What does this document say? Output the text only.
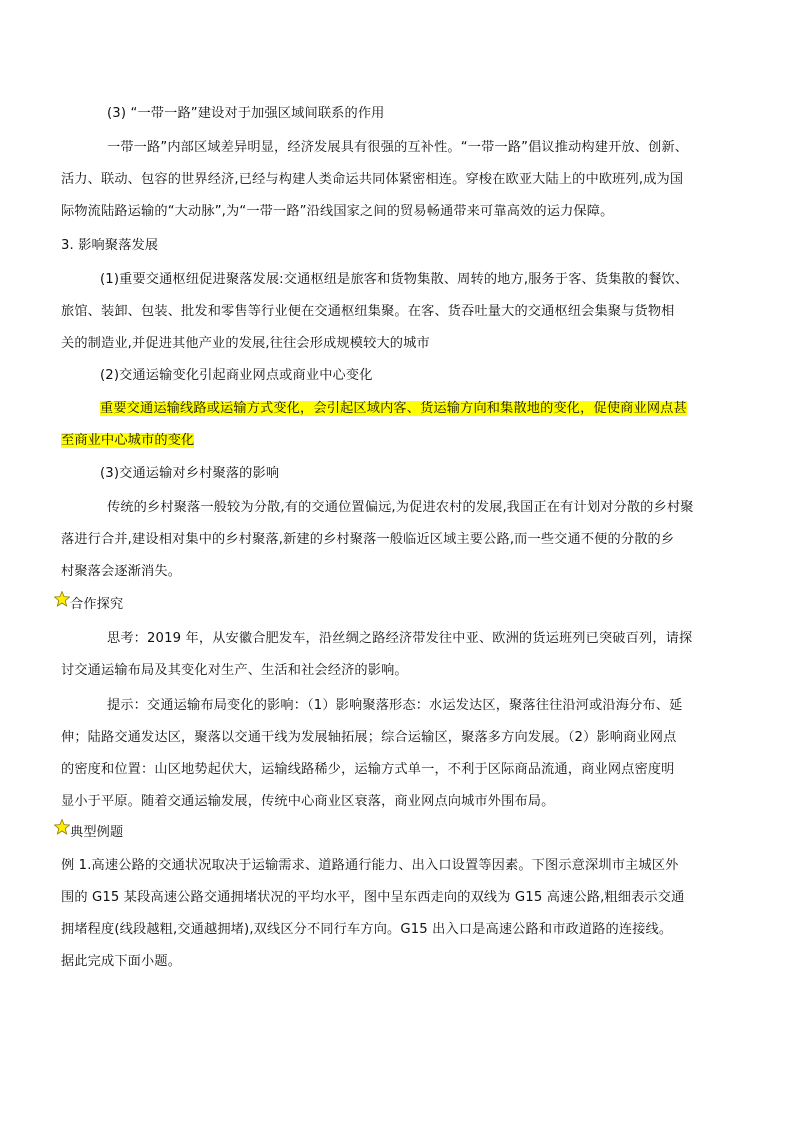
(3) “一带一路”建设对于加强区域间联系的作用
一带一路”内部区域差异明显，经济发展具有很强的互补性。“一带一路”倡议推动构建开放、创新、
活力、联动、包容的世界经济,已经与构建人类命运共同体紧密相连。穿梭在欧亚大陆上的中欧班列,成为国
际物流陆路运输的“大动脉”,为“一带一路”沿线国家之间的贸易畅通带来可靠高效的运力保障。
3. 影响聚落发展
(1)重要交通枢纽促进聚落发展:交通枢纽是旅客和货物集散、周转的地方,服务于客、货集散的餐饮、
旅馆、装卸、包装、批发和零售等行业便在交通枢纽集聚。在客、货吞吐量大的交通枢纽会集聚与货物相
关的制造业,并促进其他产业的发展,往往会形成规模较大的城市
(2)交通运输变化引起商业网点或商业中心变化
重要交通运输线路或运输方式变化，会引起区域内客、货运输方向和集散地的变化，促使商业网点甚
至商业中心城市的变化
(3)交通运输对乡村聚落的影响
传统的乡村聚落一般较为分散,有的交通位置偏远,为促进农村的发展,我国正在有计划对分散的乡村聚
落进行合并,建设相对集中的乡村聚落,新建的乡村聚落一般临近区域主要公路,而一些交通不便的分散的乡
村聚落会逐渐消失。
合作探究
思考：2019 年，从安徽合肥发车，沿丝绸之路经济带发往中亚、欧洲的货运班列已突破百列，请探
讨交通运输布局及其变化对生产、生活和社会经济的影响。
提示：交通运输布局变化的影响：（1）影响聚落形态：水运发达区，聚落往往沿河或沿海分布、延
伸；陆路交通发达区，聚落以交通干线为发展轴拓展；综合运输区，聚落多方向发展。（2）影响商业网点
的密度和位置：山区地势起伏大，运输线路稀少，运输方式单一，不利于区际商品流通，商业网点密度明
显小于平原。随着交通运输发展，传统中心商业区衰落，商业网点向城市外围布局。
典型例题
例 1.高速公路的交通状况取决于运输需求、道路通行能力、出入口设置等因素。下图示意深圳市主城区外
围的 G15 某段高速公路交通拥堵状况的平均水平，图中呈东西走向的双线为 G15 高速公路,粗细表示交通
拥堵程度(线段越粗,交通越拥堵),双线区分不同行车方向。G15 出入口是高速公路和市政道路的连接线。
据此完成下面小题。
